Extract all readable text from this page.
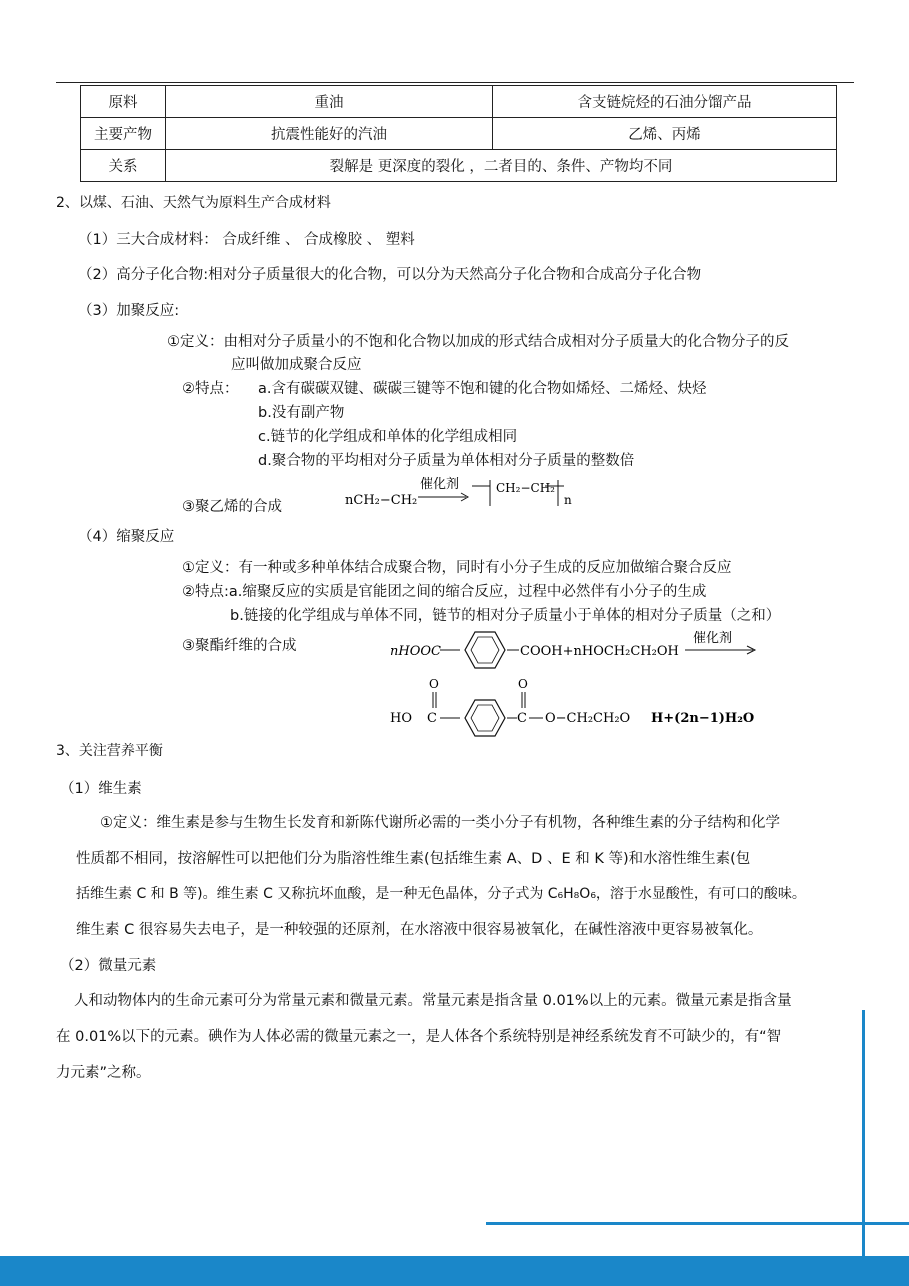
原料	重油	含支链烷烃的石油分馏产品
主要产物	抗震性能好的汽油	乙烯、丙烯
关系	裂解是 更深度的裂化 ，二者目的、条件、产物均不同	
2、以煤、石油、天然气为原料生产合成材料
（1）三大合成材料： 合成纤维 、 合成橡胶 、 塑料
（2）高分子化合物:相对分子质量很大的化合物，可以分为天然高分子化合物和合成高分子化合物
（3）加聚反应:
①定义：由相对分子质量小的不饱和化合物以加成的形式结合成相对分子质量大的化合物分子的反
应叫做加成聚合反应
②特点： a.含有碳碳双键、碳碳三键等不饱和键的化合物如烯烃、二烯烃、炔烃
b.没有副产物
c.链节的化学组成和单体的化学组成相同
d.聚合物的平均相对分子质量为单体相对分子质量的整数倍
③聚乙烯的合成	nCH₂−CH₂
催化剂	CH₂−CH₂
n
（4）缩聚反应
①定义：有一种或多种单体结合成聚合物，同时有小分子生成的反应加做缩合聚合反应
②特点:a.缩聚反应的实质是官能团之间的缩合反应，过程中必然伴有小分子的生成
b.链接的化学组成与单体不同，链节的相对分子质量小于单体的相对分子质量（之和）
③聚酯纤维的合成	nHOOC	COOH+nHOCH₂CH₂OH
催化剂
O
HO C
O
C O−CH₂CH₂O H+(2n−1)H₂O
3、关注营养平衡
（1）维生素
①定义：维生素是参与生物生长发育和新陈代谢所必需的一类小分子有机物，各种维生素的分子结构和化学
性质都不相同，按溶解性可以把他们分为脂溶性维生素(包括维生素 A、D 、E 和 K 等)和水溶性维生素(包
括维生素 C 和 B 等)。维生素 C 又称抗坏血酸，是一种无色晶体，分子式为 C₆H₈O₆，溶于水显酸性，有可口的酸味。
维生素 C 很容易失去电子，是一种较强的还原剂，在水溶液中很容易被氧化，在碱性溶液中更容易被氧化。
（2）微量元素
人和动物体内的生命元素可分为常量元素和微量元素。常量元素是指含量 0.01%以上的元素。微量元素是指含量
在 0.01%以下的元素。碘作为人体必需的微量元素之一，是人体各个系统特别是神经系统发育不可缺少的，有“智
力元素”之称。
